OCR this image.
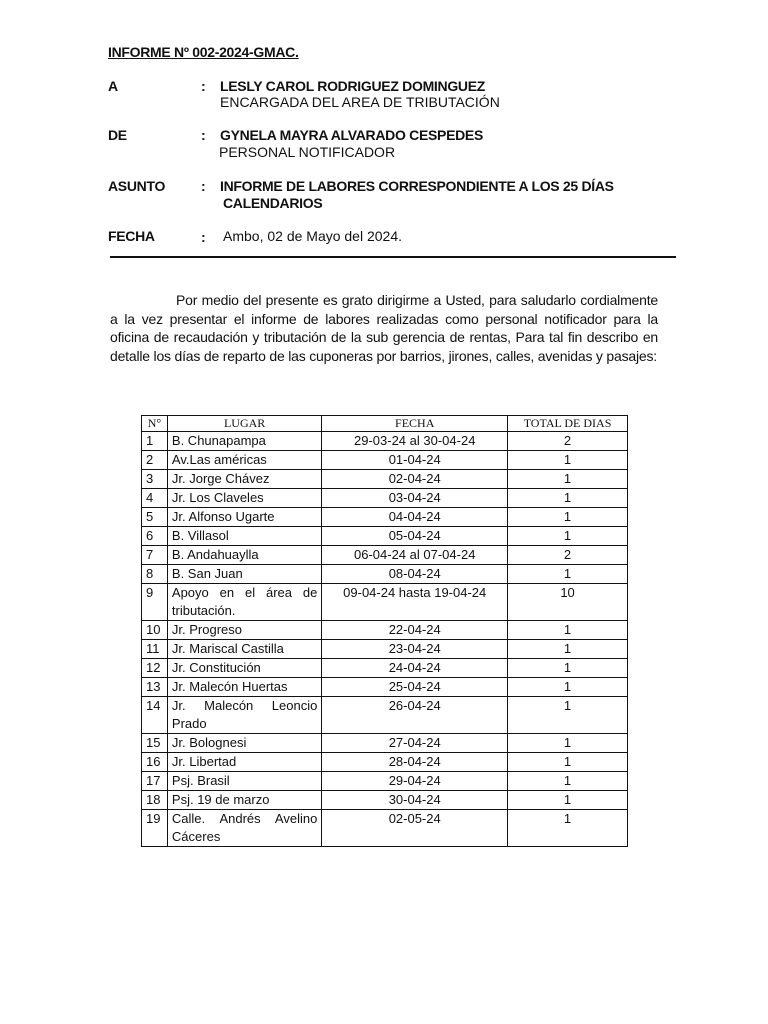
INFORME Nº 002-2024-GMAC.
A	: LESLY CAROL RODRIGUEZ DOMINGUEZ
ENCARGADA DEL AREA DE TRIBUTACIÓN
DE	: GYNELA MAYRA ALVARADO CESPEDES
PERSONAL NOTIFICADOR
ASUNTO	: INFORME DE LABORES CORRESPONDIENTE A LOS 25 DÍAS
CALENDARIOS
FECHA	: Ambo, 02 de Mayo del 2024.

Por medio del presente es grato dirigirme a Usted, para saludarlo cordialmente a la vez presentar el informe de labores realizadas como personal notificador para la oficina de recaudación y tributación de la sub gerencia de rentas, Para tal fin describo en detalle los días de reparto de las cuponeras por barrios, jirones, calles, avenidas y pasajes:

N°	LUGAR	FECHA	TOTAL DE DIAS
1	B. Chunapampa	29-03-24 al 30-04-24	2
2	Av.Las américas	01-04-24	1
3	Jr. Jorge Chávez	02-04-24	1
4	Jr. Los Claveles	03-04-24	1
5	Jr. Alfonso Ugarte	04-04-24	1
6	B. Villasol	05-04-24	1
7	B. Andahuaylla	06-04-24 al 07-04-24	2
8	B. San Juan	08-04-24	1
9	Apoyo en el área de tributación.	09-04-24 hasta 19-04-24	10
10	Jr. Progreso	22-04-24	1
11	Jr. Mariscal Castilla	23-04-24	1
12	Jr. Constitución	24-04-24	1
13	Jr. Malecón Huertas	25-04-24	1
14	Jr. Malecón Leoncio Prado	26-04-24	1
15	Jr. Bolognesi	27-04-24	1
16	Jr. Libertad	28-04-24	1
17	Psj. Brasil	29-04-24	1
18	Psj. 19 de marzo	30-04-24	1
19	Calle. Andrés Avelino Cáceres	02-05-24	1
